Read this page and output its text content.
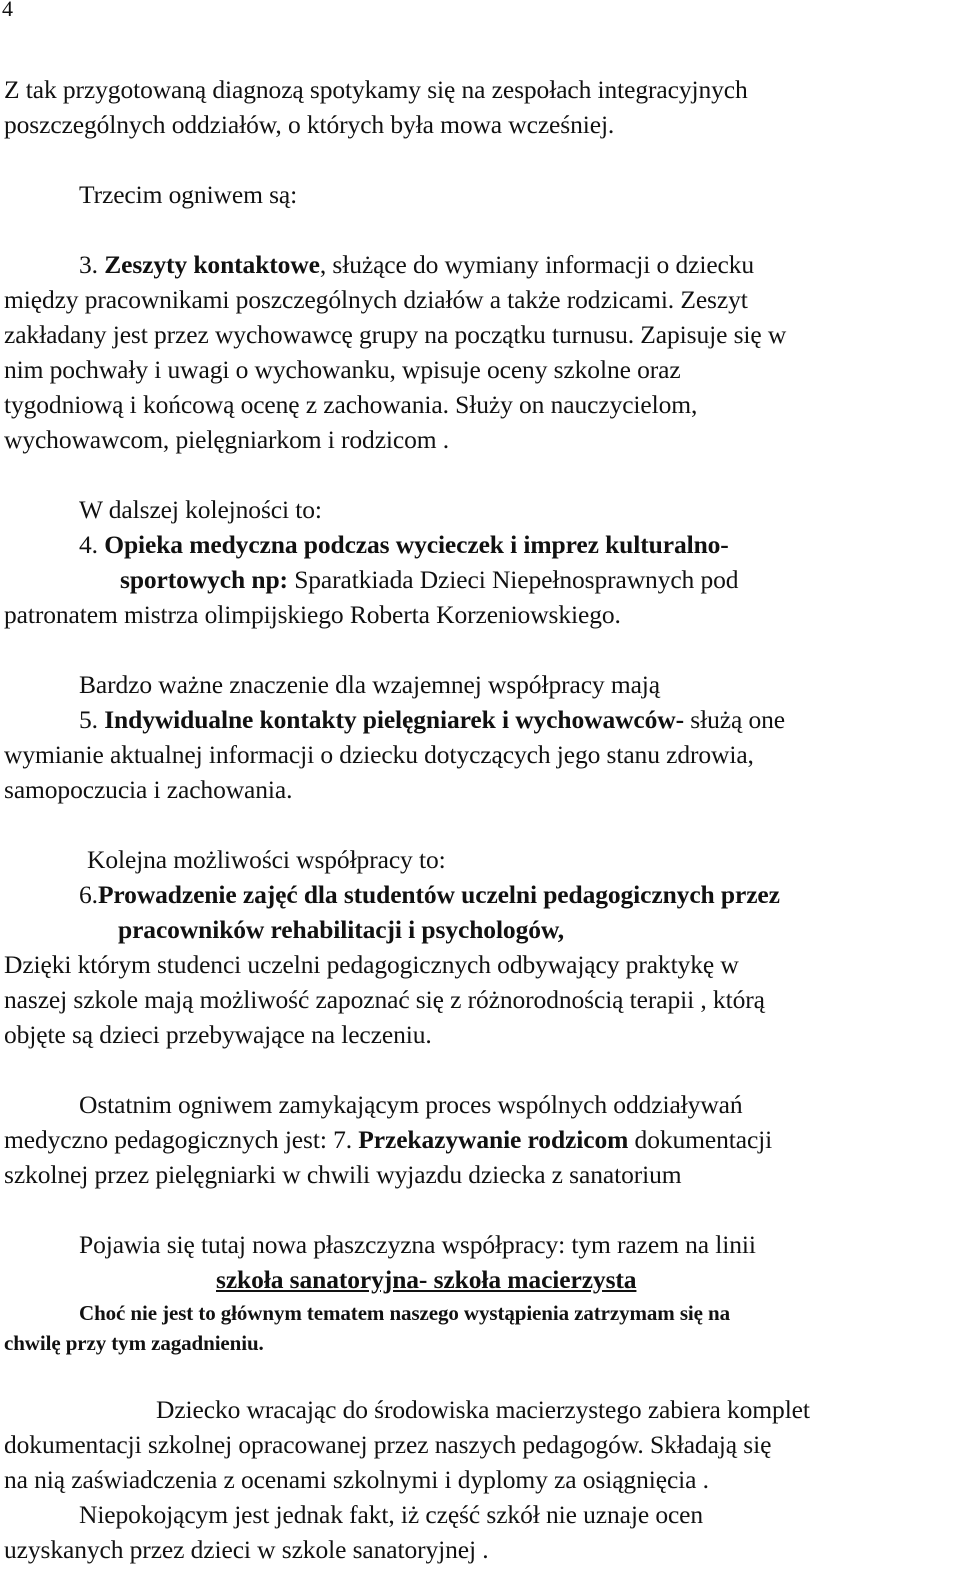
4
Z tak przygotowaną diagnozą spotykamy się na zespołach integracyjnych
poszczególnych oddziałów, o których była mowa wcześniej.
Trzecim ogniwem są:
3. Zeszyty kontaktowe, służące do wymiany informacji o dziecku
między pracownikami poszczególnych działów a także rodzicami. Zeszyt
zakładany jest przez wychowawcę grupy na początku turnusu. Zapisuje się w
nim pochwały i uwagi o wychowanku, wpisuje oceny szkolne oraz
tygodniową i końcową ocenę z zachowania. Służy on nauczycielom,
wychowawcom, pielęgniarkom i rodzicom .
W dalszej kolejności to:
4. Opieka medyczna podczas wycieczek i imprez kulturalno-
sportowych np: Sparatkiada Dzieci Niepełnosprawnych pod
patronatem mistrza olimpijskiego Roberta Korzeniowskiego.
Bardzo ważne znaczenie dla wzajemnej współpracy mają
5. Indywidualne kontakty pielęgniarek i wychowawców- służą one
wymianie aktualnej informacji o dziecku dotyczących jego stanu zdrowia,
samopoczucia i zachowania.
Kolejna możliwości współpracy to:
6.Prowadzenie zajęć dla studentów uczelni pedagogicznych przez
pracowników rehabilitacji i psychologów,
Dzięki którym studenci uczelni pedagogicznych odbywający praktykę w
naszej szkole mają możliwość zapoznać się z różnorodnością terapii , którą
objęte są dzieci przebywające na leczeniu.
Ostatnim ogniwem zamykającym proces wspólnych oddziaływań
medyczno pedagogicznych jest: 7. Przekazywanie rodzicom dokumentacji
szkolnej przez pielęgniarki w chwili wyjazdu dziecka z sanatorium
Pojawia się tutaj nowa płaszczyzna współpracy: tym razem na linii
szkoła sanatoryjna- szkoła macierzysta
Choć nie jest to głównym tematem naszego wystąpienia zatrzymam się na
chwilę przy tym zagadnieniu.
Dziecko wracając do środowiska macierzystego zabiera komplet
dokumentacji szkolnej opracowanej przez naszych pedagogów. Składają się
na nią zaświadczenia z ocenami szkolnymi i dyplomy za osiągnięcia .
Niepokojącym jest jednak fakt, iż część szkół nie uznaje ocen
uzyskanych przez dzieci w szkole sanatoryjnej .
